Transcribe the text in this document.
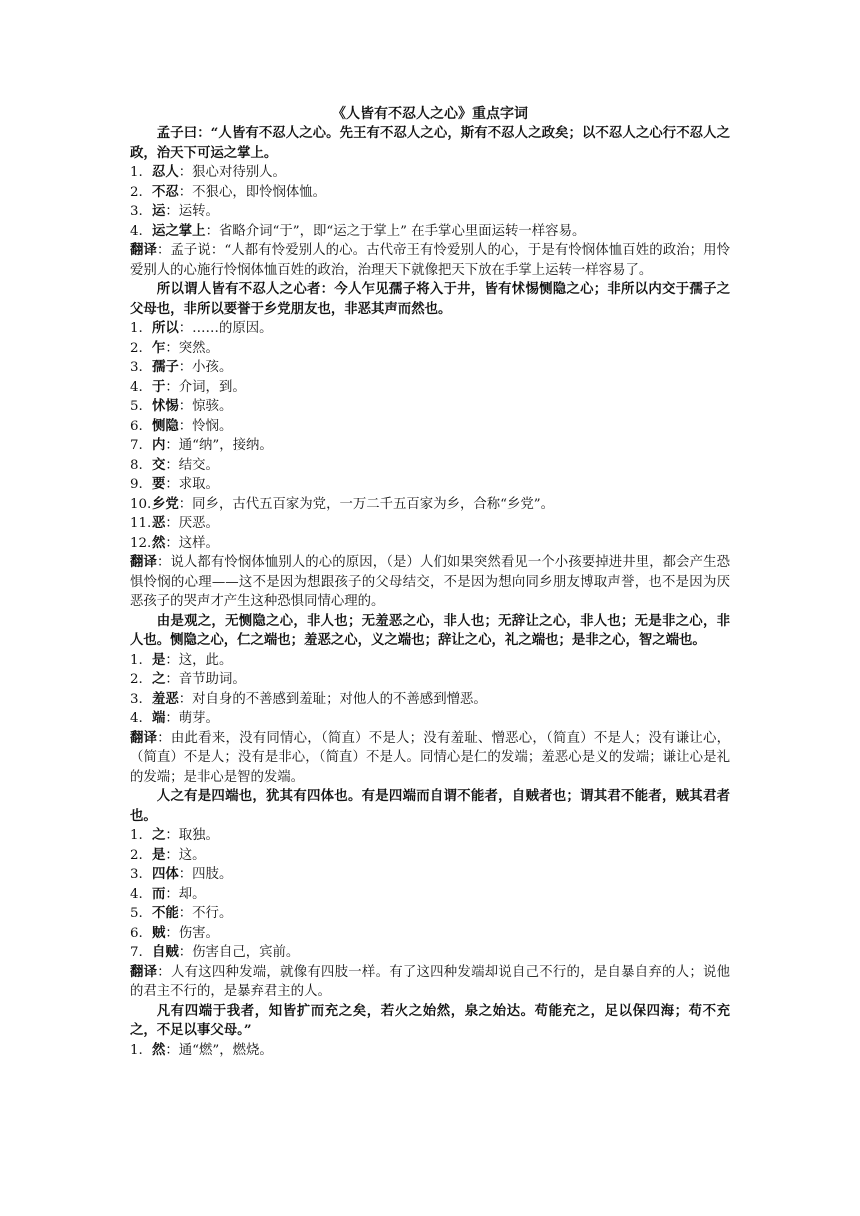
《人皆有不忍人之心》重点字词

孟子曰：“人皆有不忍人之心。先王有不忍人之心，斯有不忍人之政矣；以不忍人之心行不忍人之政，治天下可运之掌上。

1. 忍人：狠心对待别人。
2. 不忍：不狠心，即怜悯体恤。
3. 运：运转。
4. 运之掌上：省略介词“于”，即“运之于掌上” 在手掌心里面运转一样容易。

翻译：孟子说：“人都有怜爱别人的心。古代帝王有怜爱别人的心，于是有怜悯体恤百姓的政治；用怜爱别人的心施行怜悯体恤百姓的政治，治理天下就像把天下放在手掌上运转一样容易了。

所以谓人皆有不忍人之心者：今人乍见孺子将入于井，皆有怵惕恻隐之心；非所以内交于孺子之父母也，非所以要誉于乡党朋友也，非恶其声而然也。

1. 所以：……的原因。
2. 乍：突然。
3. 孺子：小孩。
4. 于：介词，到。
5. 怵惕：惊骇。
6. 恻隐：怜悯。
7. 内：通“纳”，接纳。
8. 交：结交。
9. 要：求取。
10.乡党：同乡，古代五百家为党，一万二千五百家为乡，合称“乡党”。
11.恶：厌恶。
12.然：这样。

翻译：说人都有怜悯体恤别人的心的原因，（是）人们如果突然看见一个小孩要掉进井里，都会产生恐惧怜悯的心理——这不是因为想跟孩子的父母结交，不是因为想向同乡朋友博取声誉，也不是因为厌恶孩子的哭声才产生这种恐惧同情心理的。

由是观之，无恻隐之心，非人也；无羞恶之心，非人也；无辞让之心，非人也；无是非之心，非人也。恻隐之心，仁之端也；羞恶之心，义之端也；辞让之心，礼之端也；是非之心，智之端也。

1. 是：这，此。
2. 之：音节助词。
3. 羞恶：对自身的不善感到羞耻；对他人的不善感到憎恶。
4. 端：萌芽。

翻译：由此看来，没有同情心，（简直）不是人；没有羞耻、憎恶心，（简直）不是人；没有谦让心，（简直）不是人；没有是非心，（简直）不是人。同情心是仁的发端；羞恶心是义的发端；谦让心是礼的发端；是非心是智的发端。

人之有是四端也，犹其有四体也。有是四端而自谓不能者，自贼者也；谓其君不能者，贼其君者也。

1. 之：取独。
2. 是：这。
3. 四体：四肢。
4. 而：却。
5. 不能：不行。
6. 贼：伤害。
7. 自贼：伤害自己，宾前。

翻译：人有这四种发端，就像有四肢一样。有了这四种发端却说自己不行的，是自暴自弃的人；说他的君主不行的，是暴弃君主的人。

凡有四端于我者，知皆扩而充之矣，若火之始然，泉之始达。苟能充之，足以保四海；苟不充之，不足以事父母。”

1. 然：通“燃”，燃烧。
